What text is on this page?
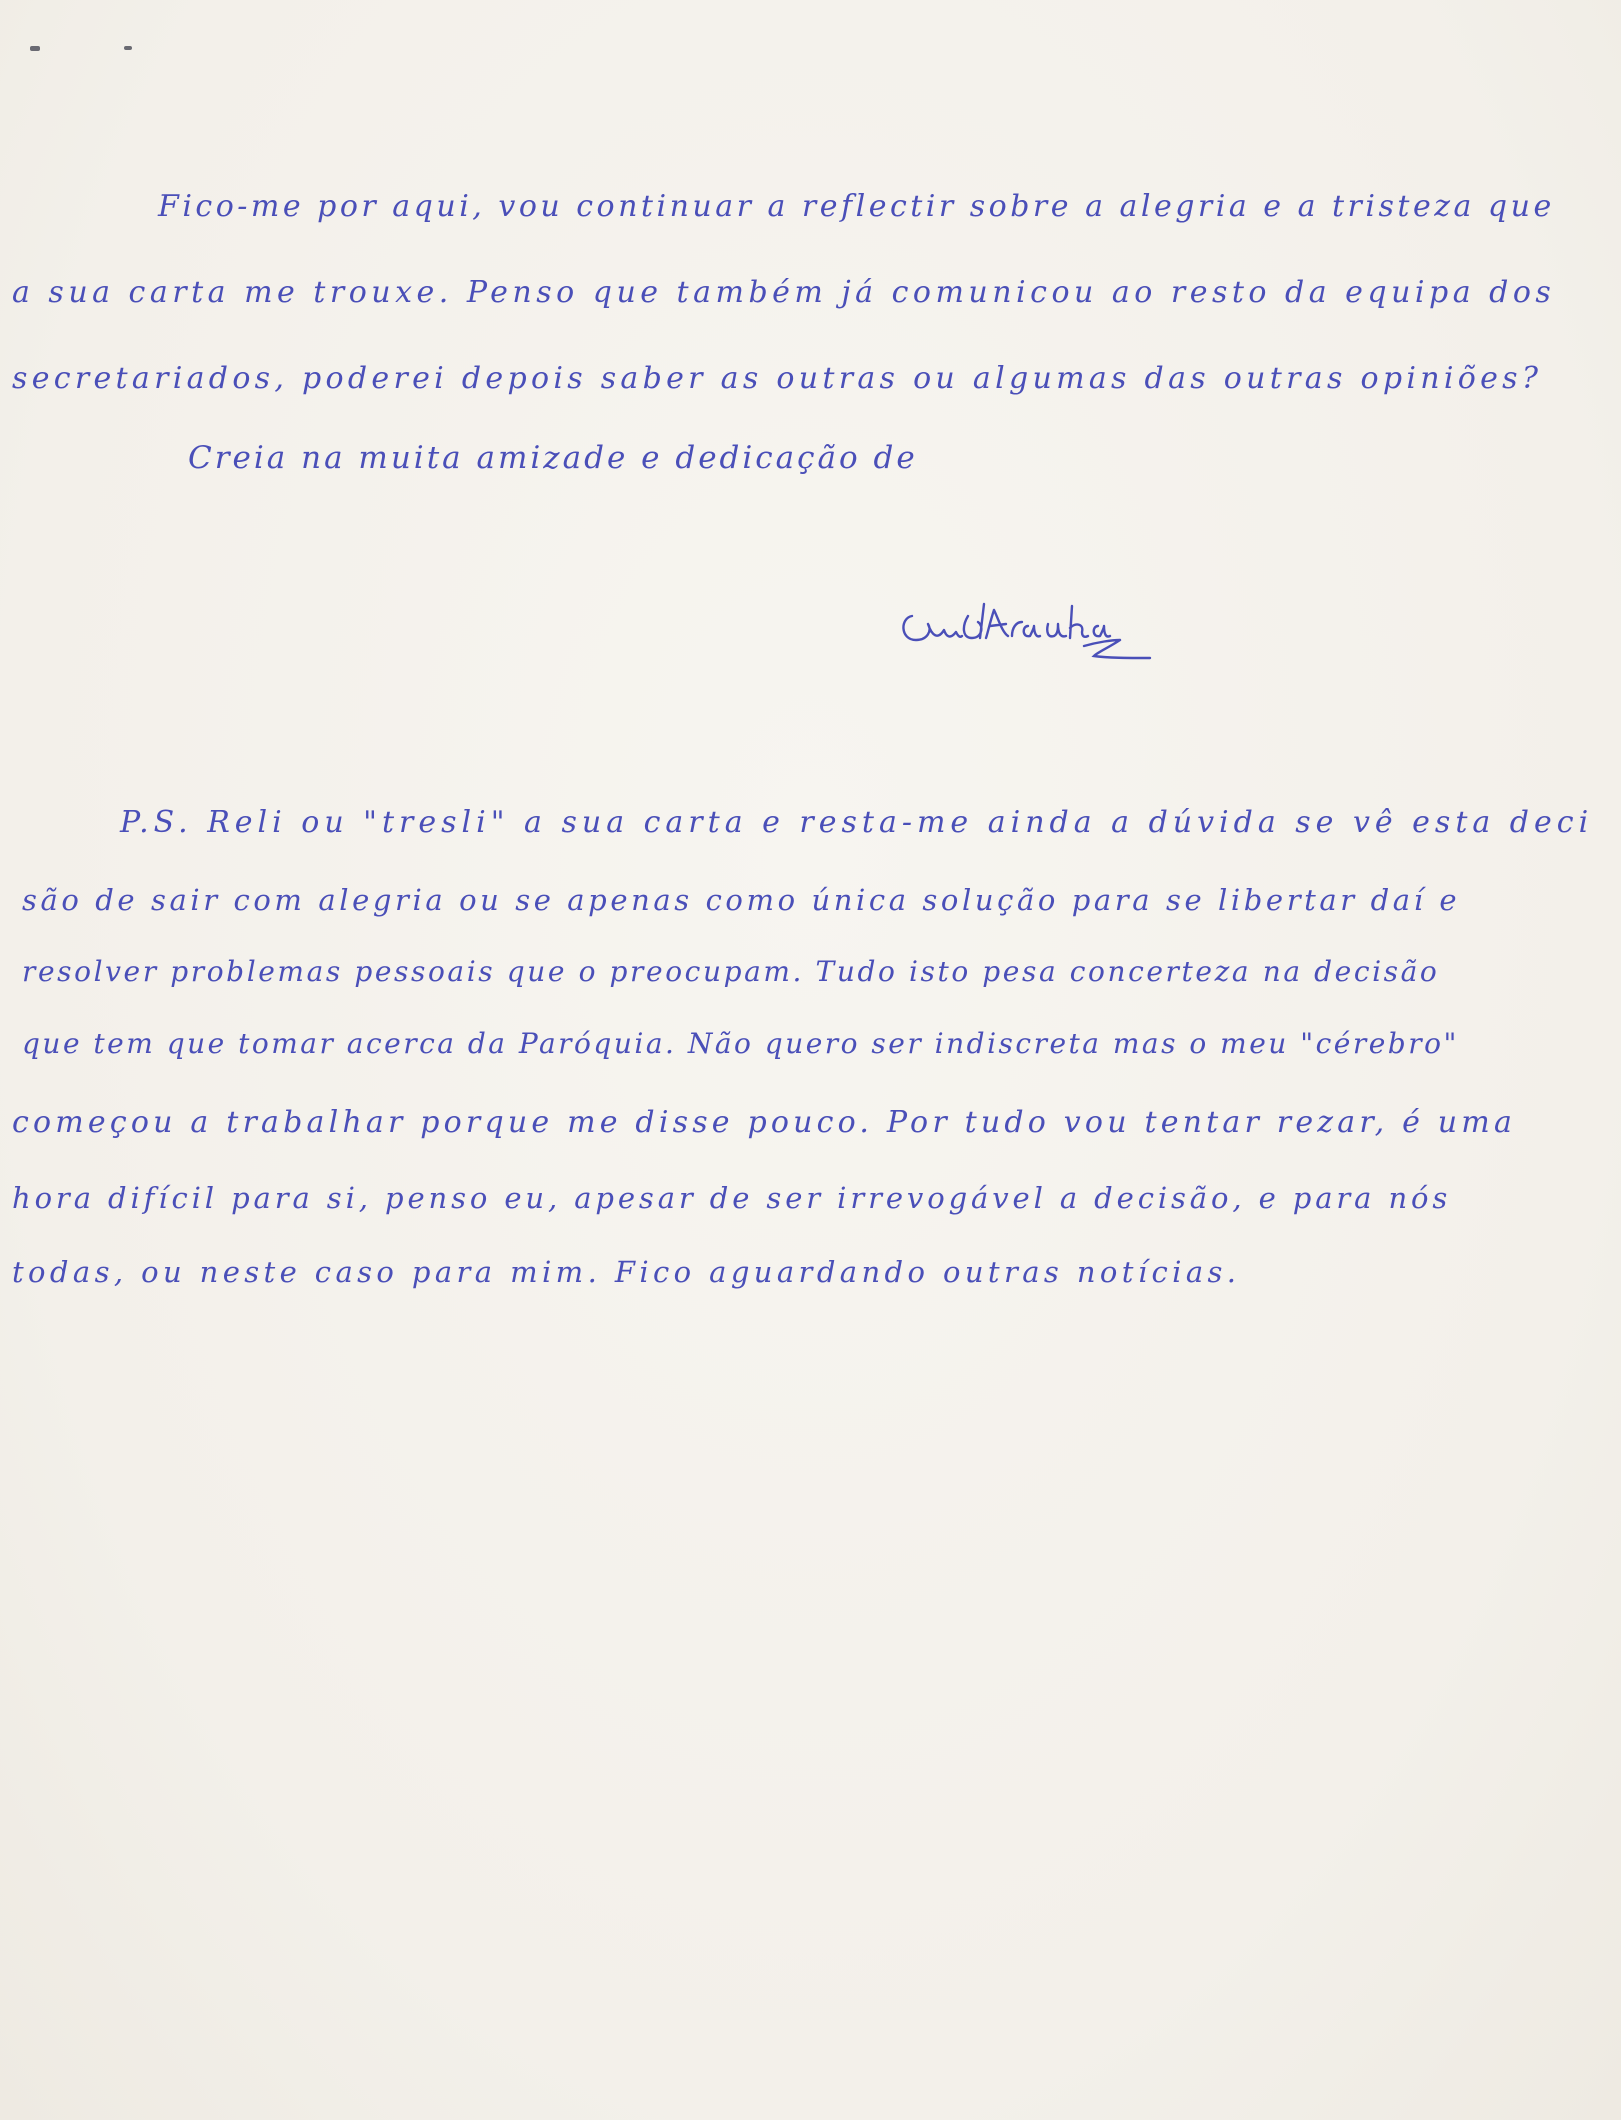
Fico-me por aqui, vou continuar a reflectir sobre a alegria e a tristeza que
a sua carta me trouxe. Penso que também já comunicou ao resto da equipa dos
secretariados, poderei depois saber as outras ou algumas das outras opiniões?
Creia na muita amizade e dedicação de
Guidarauha
P.S. Reli ou "tresli" a sua carta e resta-me ainda a dúvida se vê esta deci
são de sair com alegria ou se apenas como única solução para se libertar daí e
resolver problemas pessoais que o preocupam. Tudo isto pesa concerteza na decisão
que tem que tomar acerca da Paróquia. Não quero ser indiscreta mas o meu "cérebro"
começou a trabalhar porque me disse pouco. Por tudo vou tentar rezar, é uma
hora difícil para si, penso eu, apesar de ser irrevogável a decisão, e para nós
todas, ou neste caso para mim. Fico aguardando outras notícias.
